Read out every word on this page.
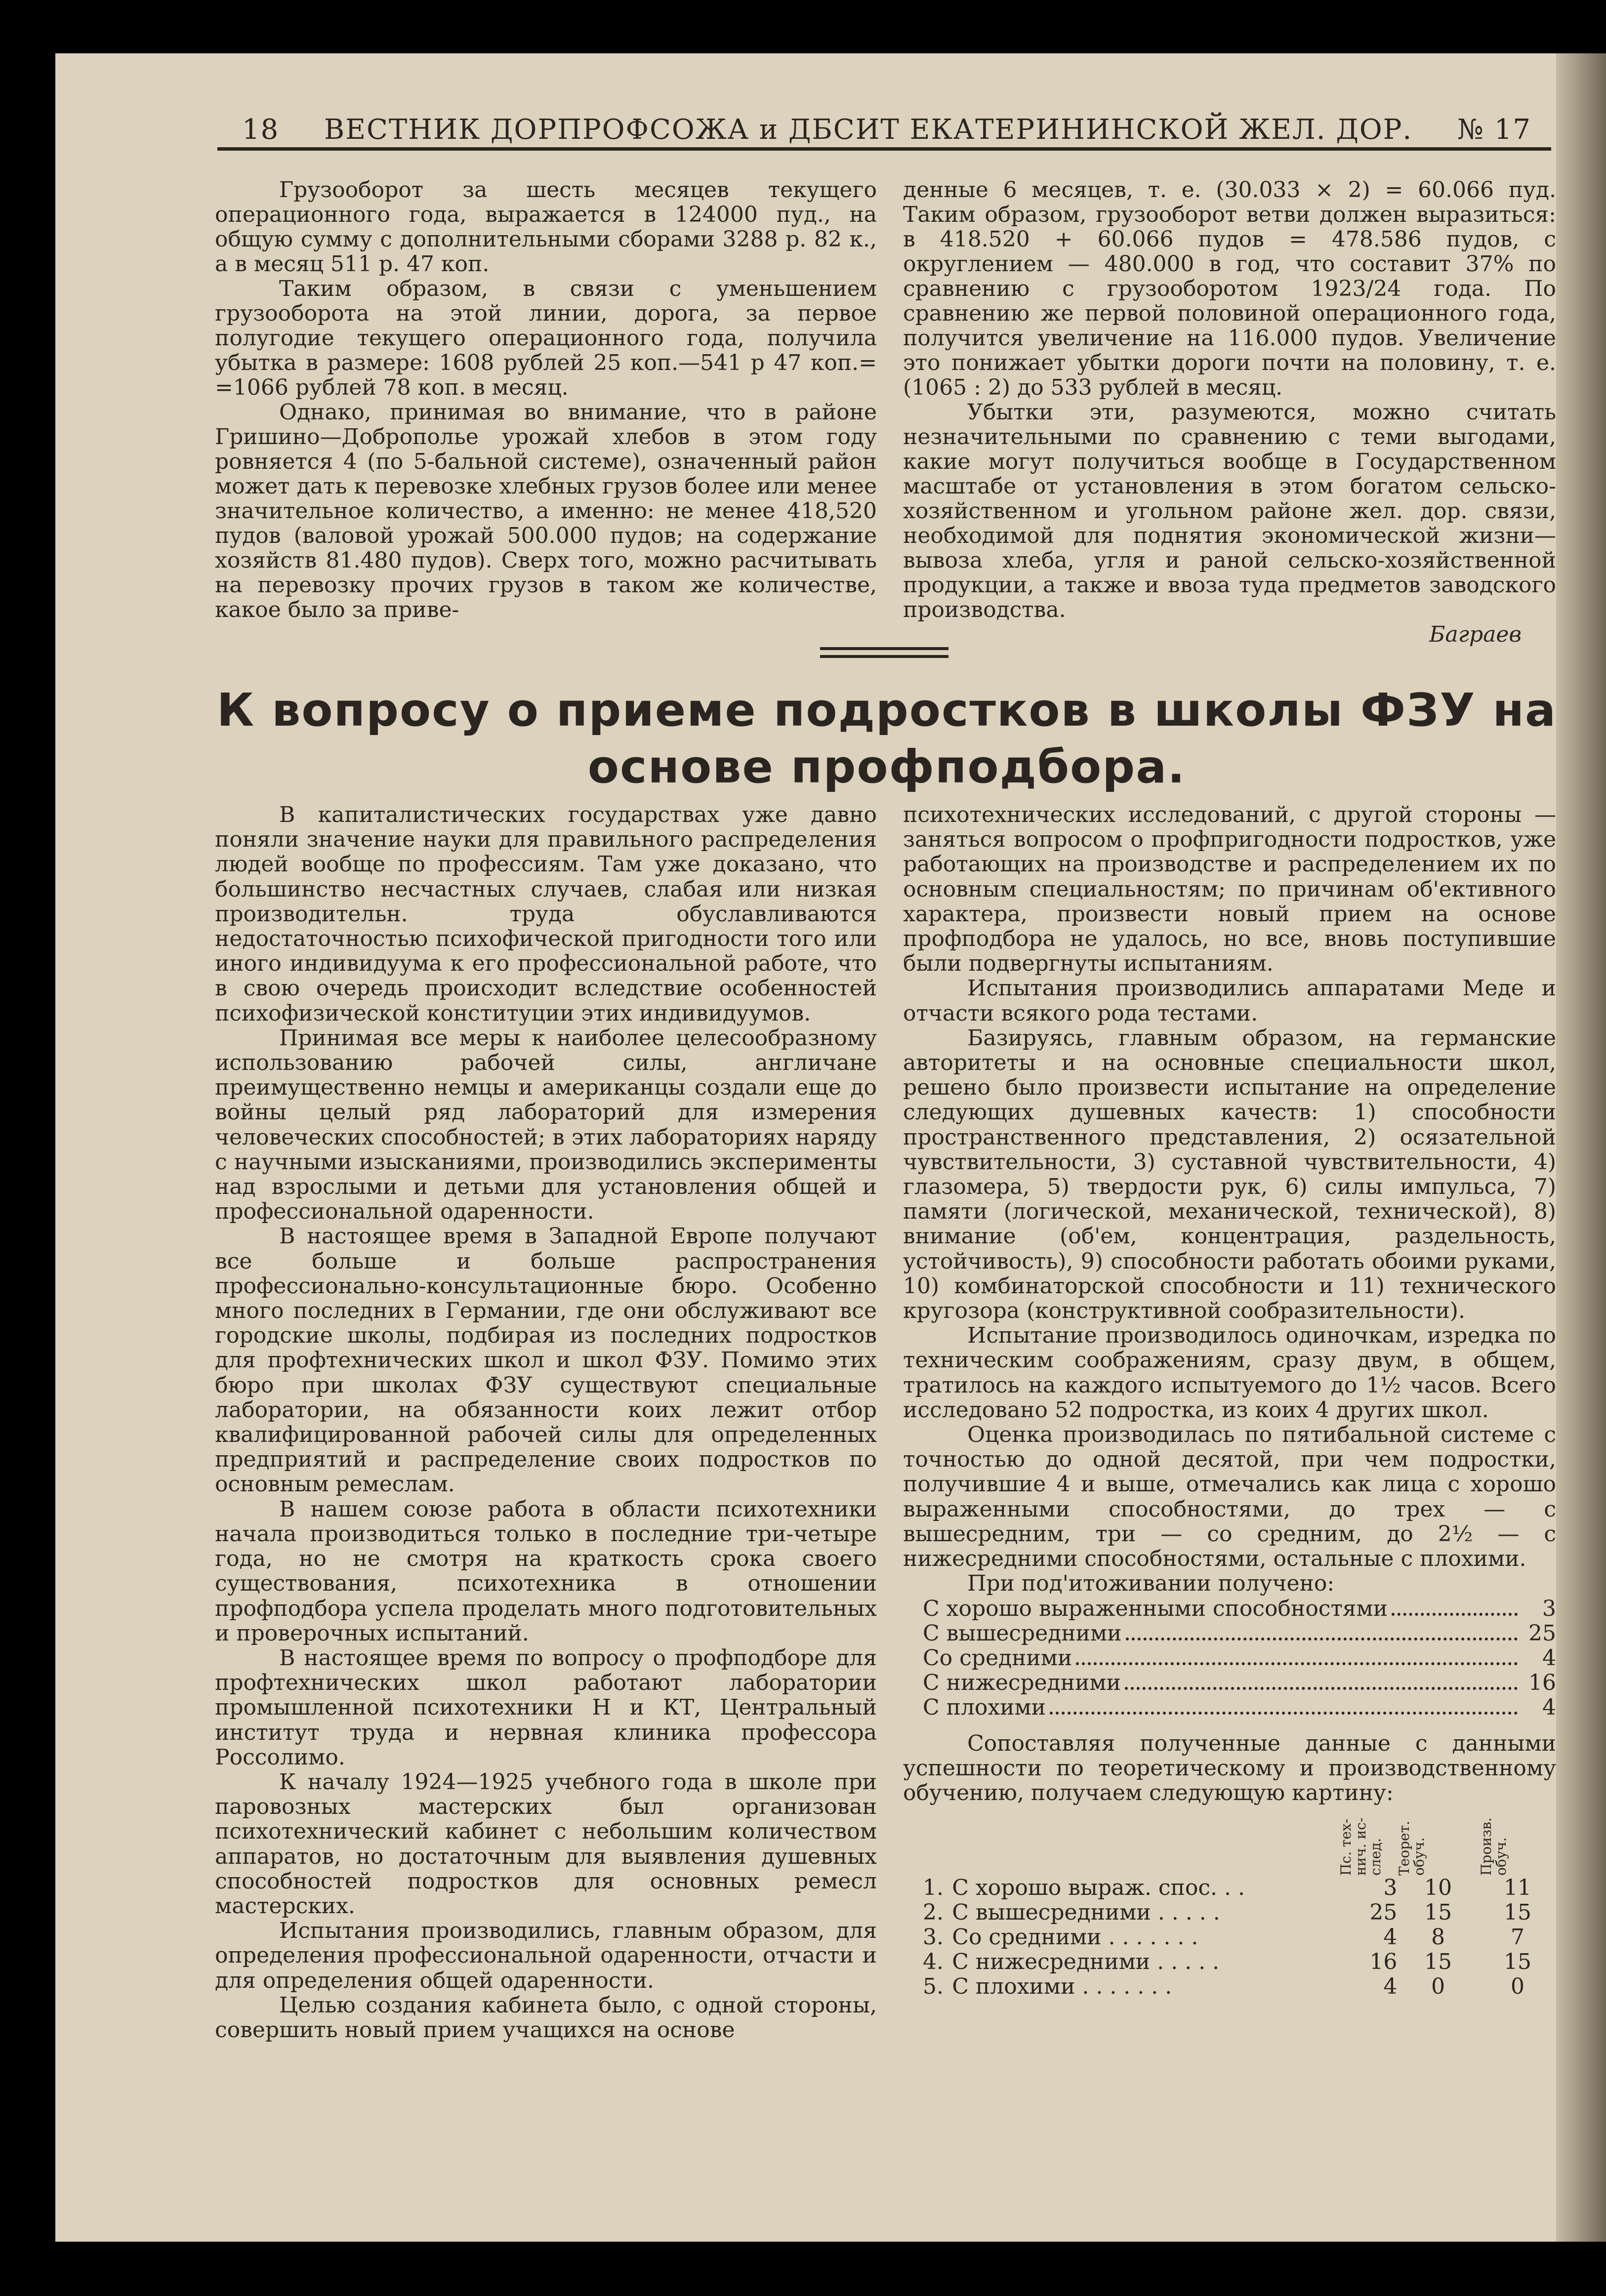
18 ВЕСТНИК ДОРПРОФСОЖА и ДБСИТ ЕКАТЕРИНИНСКОЙ ЖЕЛ. ДОР. № 17

Грузооборот за шесть месяцев текущего операционного года, выражается в 124000 пуд., на общую сумму с дополнительными сборами 3288 р. 82 к., а в месяц 511 р. 47 коп.

Таким образом, в связи с уменьшением грузооборота на этой линии, дорога, за первое полугодие текущего операционного года, получила убытка в размере: 1608 рублей 25 коп.—541 р 47 коп.= =1066 рублей 78 коп. в месяц.

Однако, принимая во внимание, что в районе Гришино—Доброполье урожай хлебов в этом году ровняется 4 (по 5-бальной системе), означенный район может дать к перевозке хлебных грузов более или менее значительное количество, а именно: не менее 418,520 пудов (валовой урожай 500.000 пудов; на содержание хозяйств 81.480 пудов). Сверх того, можно расчитывать на перевозку прочих грузов в таком же количестве, какое было за приве-

денные 6 месяцев, т. е. (30.033 × 2) = 60.066 пуд. Таким образом, грузооборот ветви должен выразиться: в 418.520 + 60.066 пудов = 478.586 пудов, с округлением — 480.000 в год, что составит 37% по сравнению с грузооборотом 1923/24 года. По сравнению же первой половиной операционного года, получится увеличение на 116.000 пудов. Увеличение это понижает убытки дороги почти на половину, т. е. (1065 : 2) до 533 рублей в месяц.

Убытки эти, разумеются, можно считать незначительными по сравнению с теми выгодами, какие могут получиться вообще в Государственном масштабе от установления в этом богатом сельско-хозяйственном и угольном районе жел. дор. связи, необходимой для поднятия экономической жизни—вывоза хлеба, угля и раной сельско-хозяйственной продукции, а также и ввоза туда предметов заводского производства.

Баграев
К вопросу о приеме подростков в школы ФЗУ на основе профподбора.

В капиталистических государствах уже давно поняли значение науки для правильного распределения людей вообще по профессиям. Там уже доказано, что большинство несчастных случаев, слабая или низкая производительн. труда обуславливаются недостаточностью психофической пригодности того или иного индивидуума к его профессиональной работе, что в свою очередь происходит вследствие особенностей психофизической конституции этих индивидуумов.

Принимая все меры к наиболее целесообразному использованию рабочей силы, англичане преимущественно немцы и американцы создали еще до войны целый ряд лабораторий для измерения человеческих способностей; в этих лабораториях наряду с научными изысканиями, производились эксперименты над взрослыми и детьми для установления общей и профессиональной одаренности.

В настоящее время в Западной Европе получают все больше и больше распространения профессионально-консультационные бюро. Особенно много последних в Германии, где они обслуживают все городские школы, подбирая из последних подростков для профтехнических школ и школ ФЗУ. Помимо этих бюро при школах ФЗУ существуют специальные лаборатории, на обязанности коих лежит отбор квалифицированной рабочей силы для определенных предприятий и распределение своих подростков по основным ремеслам.

В нашем союзе работа в области психотехники начала производиться только в последние три-четыре года, но не смотря на краткость срока своего существования, психотехника в отношении профподбора успела проделать много подготовительных и проверочных испытаний.

В настоящее время по вопросу о профподборе для профтехнических школ работают лаборатории промышленной психотехники Н и КТ, Центральный институт труда и нервная клиника профессора Россолимо.

К началу 1924—1925 учебного года в школе при паровозных мастерских был организован психотехнический кабинет с небольшим количеством аппаратов, но достаточным для выявления душевных способностей подростков для основных ремесл мастерских.

Испытания производились, главным образом, для определения профессиональной одаренности, отчасти и для определения общей одаренности.

Целью создания кабинета было, с одной стороны, совершить новый прием учащихся на основе

психотехнических исследований, с другой стороны — заняться вопросом о профпригодности подростков, уже работающих на производстве и распределением их по основным специальностям; по причинам об'ективного характера, произвести новый прием на основе профподбора не удалось, но все, вновь поступившие были подвергнуты испытаниям.

Испытания производились аппаратами Меде и отчасти всякого рода тестами.

Базируясь, главным образом, на германские авторитеты и на основные специальности школ, решено было произвести испытание на определение следующих душевных качеств: 1) способности пространственного представления, 2) осязательной чувствительности, 3) суставной чувствительности, 4) глазомера, 5) твердости рук, 6) силы импульса, 7) памяти (логической, механической, технической), 8) внимание (об'ем, концентрация, раздельность, устойчивость), 9) способности работать обоими руками, 10) комбинаторской способности и 11) технического кругозора (конструктивной сообразительности).

Испытание производилось одиночкам, изредка по техническим соображениям, сразу двум, в общем, тратилось на каждого испытуемого до 1½ часов. Всего исследовано 52 подростка, из коих 4 других школ.

Оценка производилась по пятибальной системе с точностью до одной десятой, при чем подростки, получившие 4 и выше, отмечались как лица с хорошо выраженными способностями, до трех — с вышесредним, три — со средним, до 2½ — с нижесредними способностями, остальные с плохими.

При под'итоживании получено:

С хорошо выраженными способностями	3
С вышесредними	25
Со средними	4
С нижесредними	16
С плохими	4

Сопоставляя полученные данные с данными успешности по теоретическому и производственному обучению, получаем следующую картину:

		Пс. тех-нич. ис-след.	Теорет. обуч.	Произв. обуч.

1.	С хорошо выраж. спос. . .	3	10	11
2.	С вышесредними . . . . .	25	15	15
3.	Со средними . . . . . . .	4	8	7
4.	С нижесредними . . . . .	16	15	15
5.	С плохими . . . . . . .	4	0	0
